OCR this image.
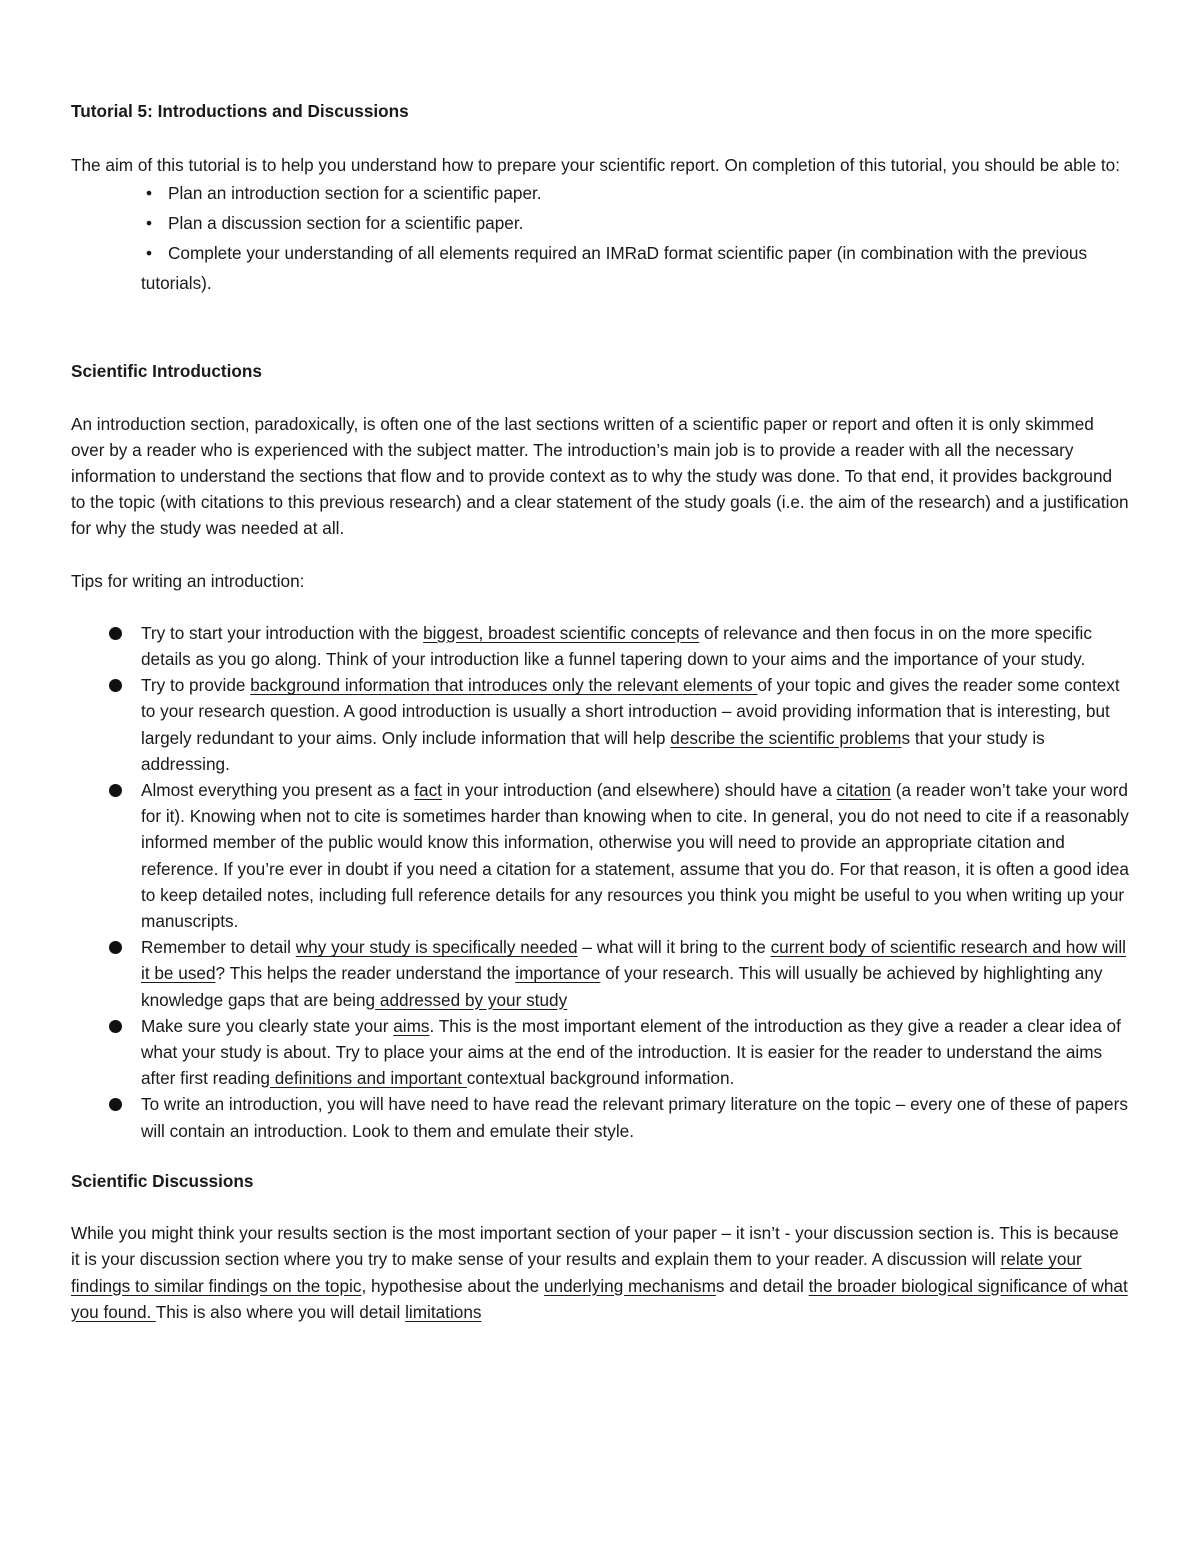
Tutorial 5: Introductions and Discussions

The aim of this tutorial is to help you understand how to prepare your scientific report. On completion of this tutorial, you should be able to:

• Plan an introduction section for a scientific paper.
• Plan a discussion section for a scientific paper.
• Complete your understanding of all elements required an IMRaD format scientific paper (in combination with the previous tutorials).
Scientific Introductions

An introduction section, paradoxically, is often one of the last sections written of a scientific paper or report and often it is only skimmed over by a reader who is experienced with the subject matter. The introduction’s main job is to provide a reader with all the necessary information to understand the sections that flow and to provide context as to why the study was done. To that end, it provides background to the topic (with citations to this previous research) and a clear statement of the study goals (i.e. the aim of the research) and a justification for why the study was needed at all.

Tips for writing an introduction:

Try to start your introduction with the biggest, broadest scientific concepts of relevance and then focus in on the more specific details as you go along. Think of your introduction like a funnel tapering down to your aims and the importance of your study.
Try to provide background information that introduces only the relevant elements of your topic and gives the reader some context to your research question. A good introduction is usually a short introduction – avoid providing information that is interesting, but largely redundant to your aims. Only include information that will help describe the scientific problems that your study is addressing.
Almost everything you present as a fact in your introduction (and elsewhere) should have a citation (a reader won’t take your word for it). Knowing when not to cite is sometimes harder than knowing when to cite. In general, you do not need to cite if a reasonably informed member of the public would know this information, otherwise you will need to provide an appropriate citation and reference. If you’re ever in doubt if you need a citation for a statement, assume that you do. For that reason, it is often a good idea to keep detailed notes, including full reference details for any resources you think you might be useful to you when writing up your manuscripts.
Remember to detail why your study is specifically needed – what will it bring to the current body of scientific research and how will it be used? This helps the reader understand the importance of your research. This will usually be achieved by highlighting any knowledge gaps that are being addressed by your study
Make sure you clearly state your aims. This is the most important element of the introduction as they give a reader a clear idea of what your study is about. Try to place your aims at the end of the introduction. It is easier for the reader to understand the aims after first reading definitions and important contextual background information.
To write an introduction, you will have need to have read the relevant primary literature on the topic – every one of these of papers will contain an introduction. Look to them and emulate their style.
Scientific Discussions

While you might think your results section is the most important section of your paper – it isn’t - your discussion section is. This is because it is your discussion section where you try to make sense of your results and explain them to your reader. A discussion will relate your findings to similar findings on the topic, hypothesise about the underlying mechanisms and detail the broader biological significance of what you found. This is also where you will detail limitations
